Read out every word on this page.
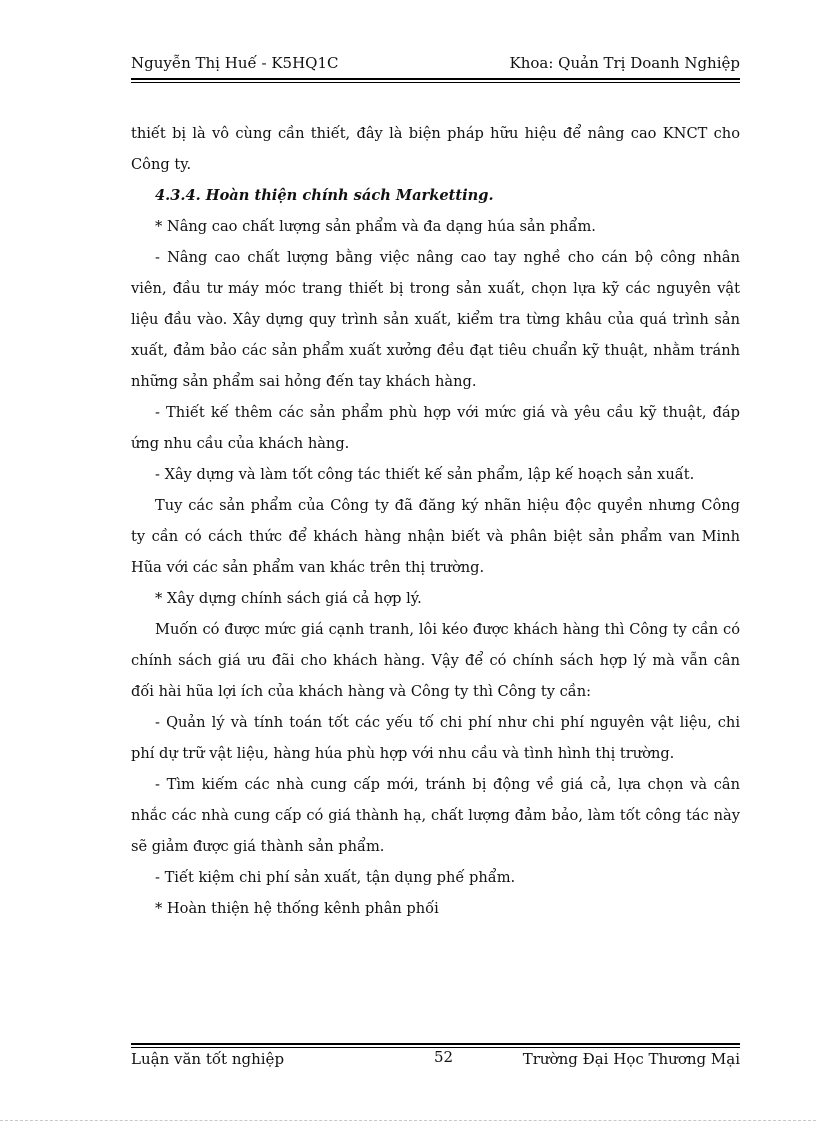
Nguyễn Thị Huế - K5HQ1C	Khoa: Quản Trị Doanh Nghiệp

thiết bị là vô cùng cần thiết, đây là biện pháp hữu hiệu để nâng cao KNCT cho Công ty.

4.3.4. Hoàn thiện chính sách Marketting.

* Nâng cao chất lượng sản phẩm và đa dạng húa sản phẩm.

- Nâng cao chất lượng bằng việc nâng cao tay nghề cho cán bộ công nhân viên, đầu tư máy móc trang thiết bị trong sản xuất, chọn lựa kỹ các nguyên vật liệu đầu vào. Xây dựng quy trình sản xuất, kiểm tra từng khâu của quá trình sản xuất, đảm bảo các sản phẩm xuất xưởng đều đạt tiêu chuẩn kỹ thuật, nhằm tránh những sản phẩm sai hỏng đến tay khách hàng.

- Thiết kế thêm các sản phẩm phù hợp với mức giá và yêu cầu kỹ thuật, đáp ứng nhu cầu của khách hàng.

- Xây dựng và làm tốt công tác thiết kế sản phẩm, lập kế hoạch sản xuất.

Tuy các sản phẩm của Công ty đã đăng ký nhãn hiệu độc quyền nhưng Công ty cần có cách thức để khách hàng nhận biết và phân biệt sản phẩm van Minh Hũa với các sản phẩm van khác trên thị trường.

* Xây dựng chính sách giá cả hợp lý.

Muốn có được mức giá cạnh tranh, lôi kéo được khách hàng thì Công ty cần có chính sách giá ưu đãi cho khách hàng. Vậy để có chính sách hợp lý mà vẫn cân đối hài hũa lợi ích của khách hàng và Công ty thì Công ty cần:

- Quản lý và tính toán tốt các yếu tố chi phí như chi phí nguyên vật liệu, chi phí dự trữ vật liệu, hàng húa phù hợp với nhu cầu và tình hình thị trường.

- Tìm kiếm các nhà cung cấp mới, tránh bị động về giá cả, lựa chọn và cân nhắc các nhà cung cấp có giá thành hạ, chất lượng đảm bảo, làm tốt công tác này sẽ giảm được giá thành sản phẩm.

- Tiết kiệm chi phí sản xuất, tận dụng phế phẩm.

* Hoàn thiện hệ thống kênh phân phối

Luận văn tốt nghiệp	52	Trường Đại Học Thương Mại
